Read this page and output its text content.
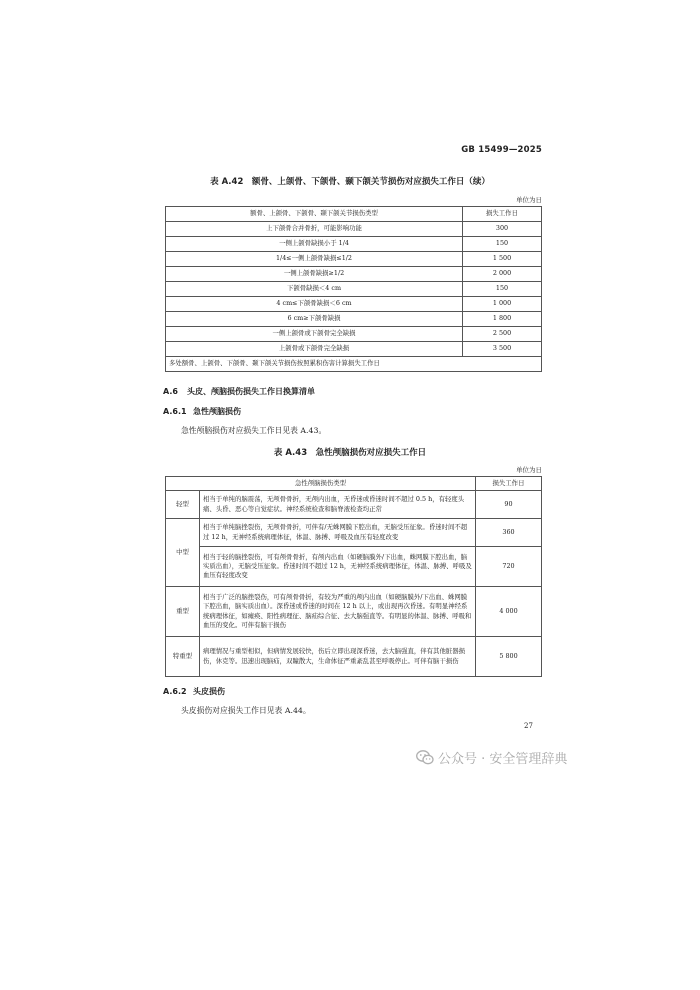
GB 15499—2025
表 A.42　额骨、上颌骨、下颌骨、颞下颌关节损伤对应损失工作日（续）
单位为日
额骨、上颌骨、下颌骨、颞下颌关节损伤类型	损失工作日
上下颌骨合并骨折，可能影响功能	300
一侧上颌骨缺损小于 1/4	150
1/4≤一侧上颌骨缺损≤1/2	1 500
一侧上颌骨缺损≥1/2	2 000
下颌骨缺损＜4 cm	150
4 cm≤下颌骨缺损＜6 cm	1 000
6 cm≥下颌骨缺损	1 800
一侧上颌骨或下颌骨完全缺损	2 500
上颌骨或下颌骨完全缺损	3 500
多处额骨、上颌骨、下颌骨、颞下颌关节损伤按照累积伤害计算损失工作日	
A.6 头皮、颅脑损伤损失工作日换算清单
A.6.1 急性颅脑损伤
急性颅脑损伤对应损失工作日见表 A.43。
表 A.43　急性颅脑损伤对应损失工作日
单位为日
急性颅脑损伤类型		损失工作日
轻型	相当于单纯的脑震荡，无颅骨骨折，无颅内出血，无昏迷或昏迷时间不超过 0.5 h，有轻度头痛、头昏、恶心等自觉症状。神经系统检查和脑脊液检查均正常	90
中型	相当于单纯脑挫裂伤，无颅骨骨折，可伴有/无蛛网膜下腔出血，无脑受压征象。昏迷时间不超过 12 h，无神经系统病理体征，体温、脉搏、呼吸及血压有轻度改变	360
	相当于轻的脑挫裂伤，可有颅骨骨折，有颅内出血（如硬脑膜外/下出血，蛛网膜下腔出血，脑实质出血），无脑受压征象。昏迷时间不超过 12 h，无神经系统病理体征，体温、脉搏、呼吸及血压有轻度改变	720
重型	相当于广泛的脑挫裂伤，可有颅骨骨折，有较为严重的颅内出血（如硬脑膜外/下出血、蛛网膜下腔出血，脑实质出血）。深昏迷或昏迷的时间在 12 h 以上，或出现再次昏迷。有明显神经系统病理体征，如瘫痪、阳性病理征、脑疝综合征、去大脑强直等。有明显的体温、脉搏、呼吸和血压的变化。可伴有脑干损伤	4 000
特重型	病理情况与重型相似，但病情发展较快，伤后立即出现深昏迷，去大脑强直，伴有其他脏器损伤，休克等。迅速出现脑疝，双瞳散大，生命体征严重紊乱甚至呼吸停止。可伴有脑干损伤	5 800
A.6.2 头皮损伤
头皮损伤对应损失工作日见表 A.44。
27
公众号 · 安全管理辞典
